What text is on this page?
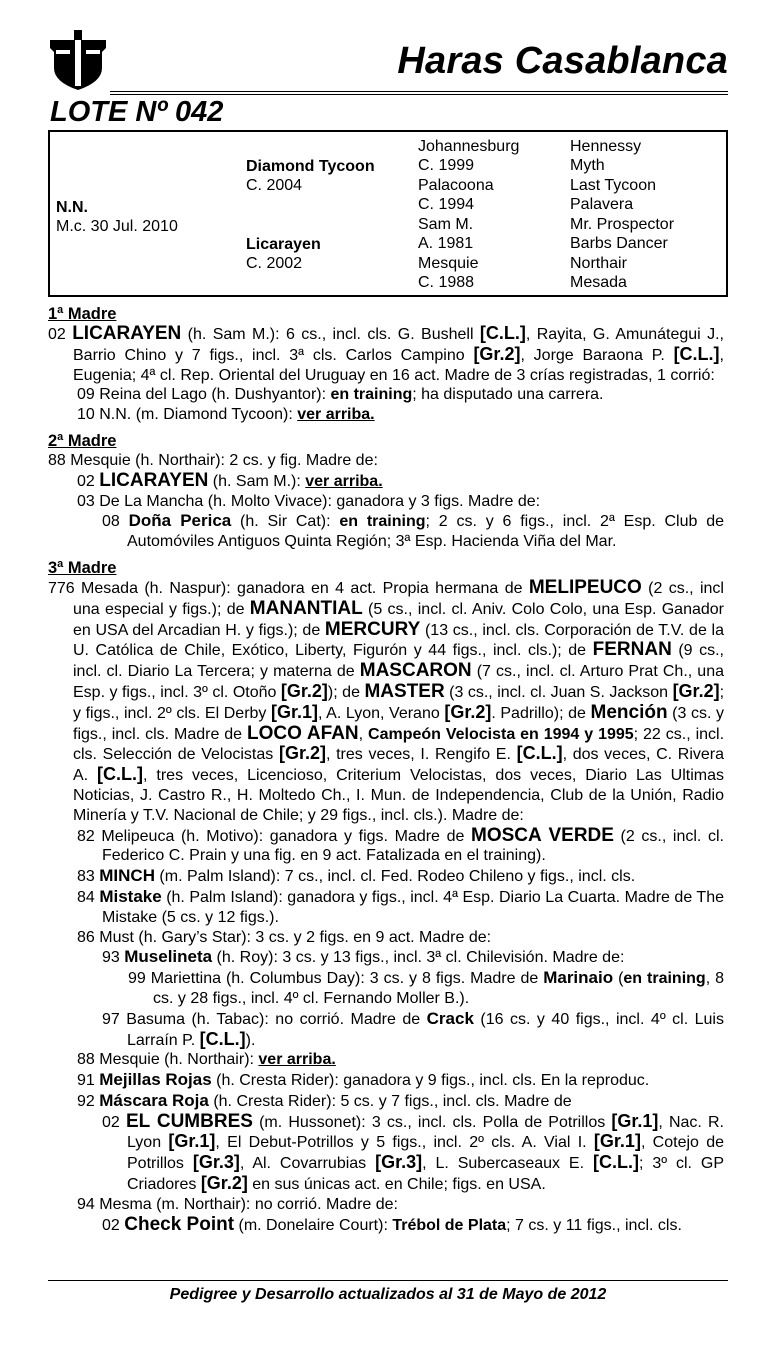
Haras Casablanca
LOTE Nº 042
N.N.
M.c. 30 Jul. 2010
Diamond Tycoon
C. 2004
Licarayen
C. 2002
Johannesburg
C. 1999
Palacoona
C. 1994
Sam M.
A. 1981
Mesquie
C. 1988
Hennessy
Myth
Last Tycoon
Palavera
Mr. Prospector
Barbs Dancer
Northair
Mesada
1ª Madre
02 LICARAYEN (h. Sam M.): 6 cs., incl. cls. G. Bushell [C.L.], Rayita, G. Amunátegui J., Barrio Chino y 7 figs., incl. 3ª cls. Carlos Campino [Gr.2], Jorge Baraona P. [C.L.], Eugenia; 4ª cl. Rep. Oriental del Uruguay en 16 act. Madre de 3 crías registradas, 1 corrió:
09 Reina del Lago (h. Dushyantor): en training; ha disputado una carrera.
10 N.N. (m. Diamond Tycoon): ver arriba.
2ª Madre
88 Mesquie (h. Northair): 2 cs. y fig. Madre de:
02 LICARAYEN (h. Sam M.): ver arriba.
03 De La Mancha (h. Molto Vivace): ganadora y 3 figs. Madre de:
08 Doña Perica (h. Sir Cat): en training; 2 cs. y 6 figs., incl. 2ª Esp. Club de Automóviles Antiguos Quinta Región; 3ª Esp. Hacienda Viña del Mar.
3ª Madre
776 Mesada (h. Naspur): ganadora en 4 act. Propia hermana de MELIPEUCO (2 cs., incl una especial y figs.); de MANANTIAL (5 cs., incl. cl. Aniv. Colo Colo, una Esp. Ganador en USA del Arcadian H. y figs.); de MERCURY (13 cs., incl. cls. Corporación de T.V. de la U. Católica de Chile, Exótico, Liberty, Figurón y 44 figs., incl. cls.); de FERNAN (9 cs., incl. cl. Diario La Tercera; y materna de MASCARON (7 cs., incl. cl. Arturo Prat Ch., una Esp. y figs., incl. 3º cl. Otoño [Gr.2]); de MASTER (3 cs., incl. cl. Juan S. Jackson [Gr.2]; y figs., incl. 2º cls. El Derby [Gr.1], A. Lyon, Verano [Gr.2]. Padrillo); de Mención (3 cs. y figs., incl. cls. Madre de LOCO AFAN, Campeón Velocista en 1994 y 1995; 22 cs., incl. cls. Selección de Velocistas [Gr.2], tres veces, I. Rengifo E. [C.L.], dos veces, C. Rivera A. [C.L.], tres veces, Licencioso, Criterium Velocistas, dos veces, Diario Las Ultimas Noticias, J. Castro R., H. Moltedo Ch., I. Mun. de Independencia, Club de la Unión, Radio Minería y T.V. Nacional de Chile; y 29 figs., incl. cls.). Madre de:
82 Melipeuca (h. Motivo): ganadora y figs. Madre de MOSCA VERDE (2 cs., incl. cl. Federico C. Prain y una fig. en 9 act. Fatalizada en el training).
83 MINCH (m. Palm Island): 7 cs., incl. cl. Fed. Rodeo Chileno y figs., incl. cls.
84 Mistake (h. Palm Island): ganadora y figs., incl. 4ª Esp. Diario La Cuarta. Madre de The Mistake (5 cs. y 12 figs.).
86 Must (h. Gary’s Star): 3 cs. y 2 figs. en 9 act. Madre de:
93 Muselineta (h. Roy): 3 cs. y 13 figs., incl. 3ª cl. Chilevisión. Madre de:
99 Mariettina (h. Columbus Day): 3 cs. y 8 figs. Madre de Marinaio (en training, 8 cs. y 28 figs., incl. 4º cl. Fernando Moller B.).
97 Basuma (h. Tabac): no corrió. Madre de Crack (16 cs. y 40 figs., incl. 4º cl. Luis Larraín P. [C.L.]).
88 Mesquie (h. Northair): ver arriba.
91 Mejillas Rojas (h. Cresta Rider): ganadora y 9 figs., incl. cls. En la reproduc.
92 Máscara Roja (h. Cresta Rider): 5 cs. y 7 figs., incl. cls. Madre de
02 EL CUMBRES (m. Hussonet): 3 cs., incl. cls. Polla de Potrillos [Gr.1], Nac. R. Lyon [Gr.1], El Debut-Potrillos y 5 figs., incl. 2º cls. A. Vial I. [Gr.1], Cotejo de Potrillos [Gr.3], Al. Covarrubias [Gr.3], L. Subercaseaux E. [C.L.]; 3º cl. GP Criadores [Gr.2] en sus únicas act. en Chile; figs. en USA.
94 Mesma (m. Northair): no corrió. Madre de:
02 Check Point (m. Donelaire Court): Trébol de Plata; 7 cs. y 11 figs., incl. cls.
Pedigree y Desarrollo actualizados al 31 de Mayo de 2012
